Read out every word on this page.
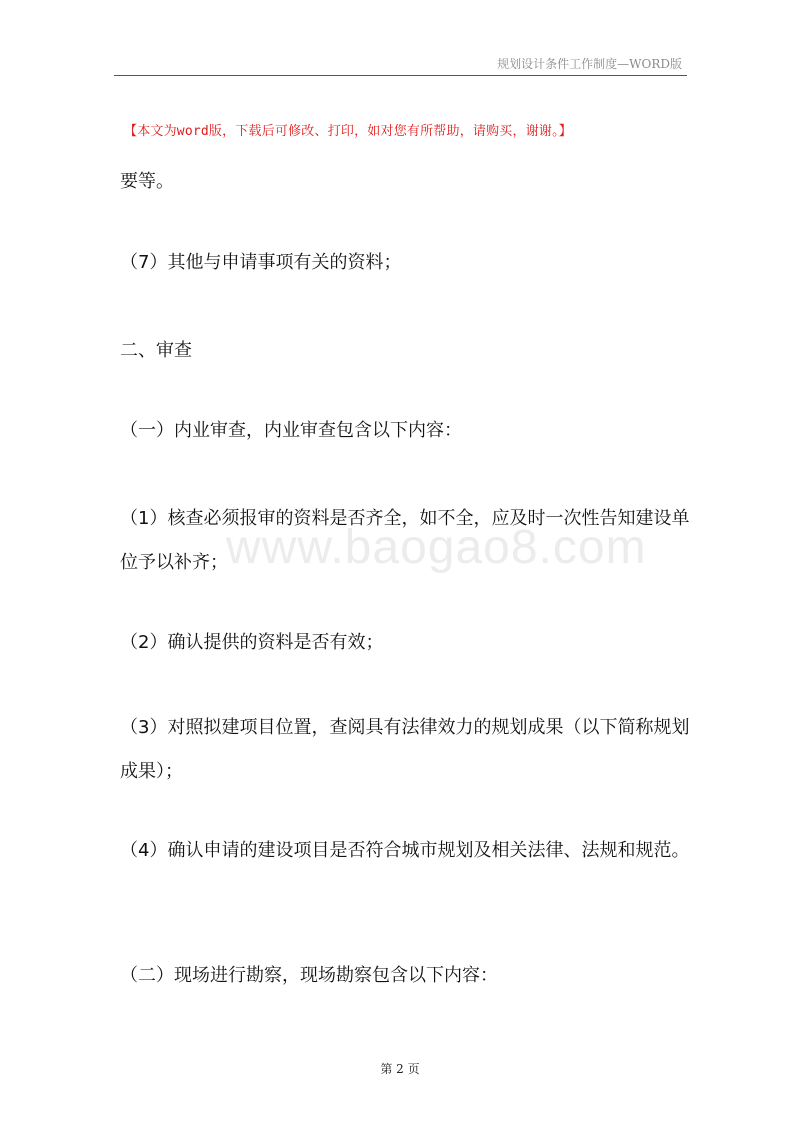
规划设计条件工作制度—WORD版
【本文为word版，下载后可修改、打印，如对您有所帮助，请购买，谢谢。】

要等。

（7）其他与申请事项有关的资料；

二、审查

（一）内业审查，内业审查包含以下内容：

（1）核查必须报审的资料是否齐全，如不全，应及时一次性告知建设单位予以补齐；

（2）确认提供的资料是否有效；

（3）对照拟建项目位置，查阅具有法律效力的规划成果（以下简称规划成果）；

（4）确认申请的建设项目是否符合城市规划及相关法律、法规和规范。

（二）现场进行勘察，现场勘察包含以下内容：

www.baogao8.com
第 2 页
